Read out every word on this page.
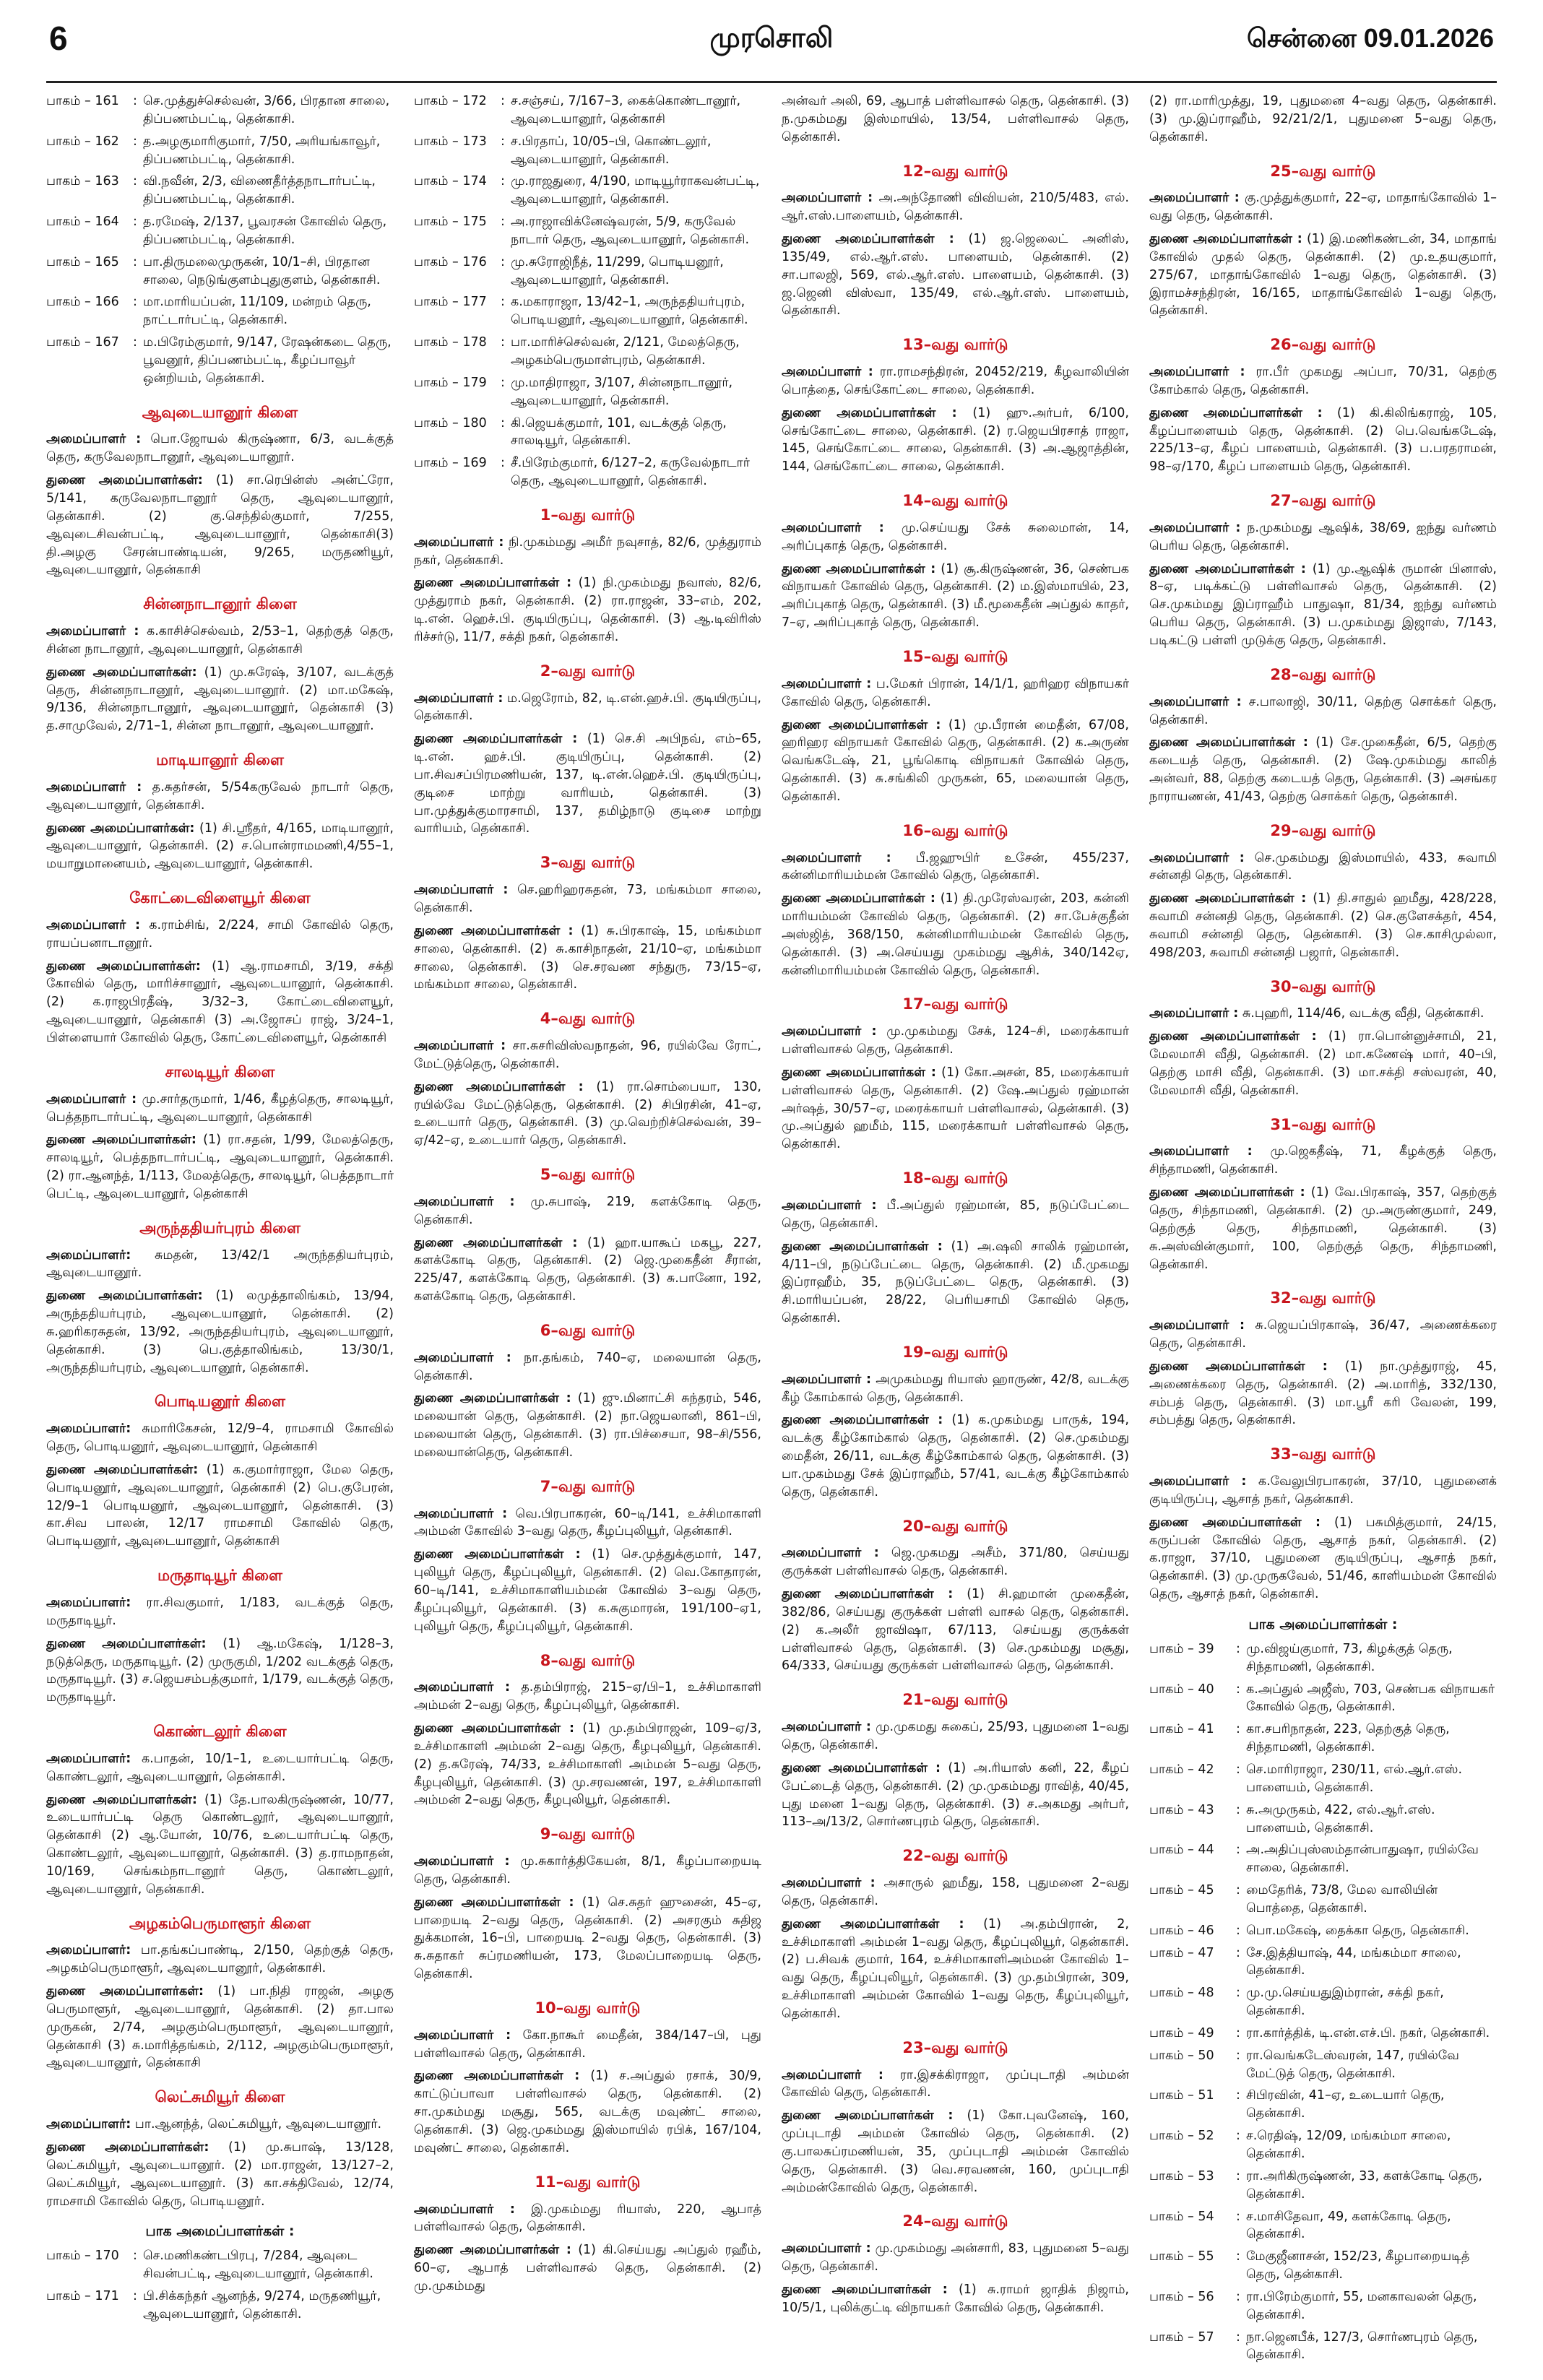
6	முரசொலி	சென்னை 09.01.2026
பாகம் – 161	: செ.முத்துச்செல்வன், 3/66, பிரதான சாலை, திப்பணம்பட்டி, தென்காசி.
பாகம் – 162	: த.அழகுமாரிகுமார், 7/50, அரியங்காவூர், திப்பணம்பட்டி, தென்காசி.
பாகம் – 163	: வி.நவீன், 2/3, விணைதீர்த்தநாடார்பட்டி, திப்பணம்பட்டி, தென்காசி.
பாகம் – 164	: த.ரமேஷ், 2/137, பூவரசன் கோவில் தெரு, திப்பணம்பட்டி, தென்காசி.
பாகம் – 165	: பா.திருமலைமுருகன், 10/1–சி, பிரதான சாலை, நெடுங்குளம்புதுகுளம், தென்காசி.
பாகம் – 166	: மா.மாரியப்பன், 11/109, மன்றம் தெரு, நாட்டார்பட்டி, தென்காசி.
பாகம் – 167	: ம.பிரேம்குமார், 9/147, ரேஷன்கடை தெரு, பூவனூர், திப்பணம்பட்டி, கீழப்பாவூர் ஒன்றியம், தென்காசி.
ஆவுடையானூர் கிளை

அமைப்பாளர் : பொ.ஜோயல் கிருஷ்ணா, 6/3, வடக்குத் தெரு, கருவேலநாடானூர், ஆவுடையானூர்.

துணை அமைப்பாளர்கள்: (1) சா.ரெபின்ஸ் அன்ட்ரோ, 5/141, கருவேலநாடானூர் தெரு, ஆவுடையானூர், தென்காசி. (2) கு.செந்தில்குமார், 7/255, ஆவுடைசிவன்பட்டி, ஆவுடையானூர், தென்காசி(3) தி.அழகு சேரன்பாண்டியன், 9/265, மருதணியூர், ஆவுடையானூர், தென்காசி

சின்னநாடானூர் கிளை

அமைப்பாளர் : க.காசிச்செல்வம், 2/53–1, தெற்குத் தெரு, சின்ன நாடானூர், ஆவுடையானூர், தென்காசி

துணை அமைப்பாளர்கள்: (1) மு.சுரேஷ், 3/107, வடக்குத் தெரு, சின்னநாடானூர், ஆவுடையானூர். (2) மா.மகேஷ், 9/136, சின்னநாடானூர், ஆவுடையானூர், தென்காசி (3) த.சாமுவேல், 2/71–1, சின்ன நாடானூர், ஆவுடையானூர்.

மாடியானூர் கிளை

அமைப்பாளர் : த.சுதர்சன், 5/54கருவேல் நாடார் தெரு, ஆவுடையானூர், தென்காசி.

துணை அமைப்பாளர்கள்: (1) சி.ஸ்ரீதர், 4/165, மாடியானூர், ஆவுடையானூர், தென்காசி. (2) ச.பொன்ராமமணி,4/55–1, மயாறுமானையம், ஆவுடையானூர், தென்காசி.

கோட்டைவிளையூர் கிளை

அமைப்பாளர் : க.ராம்சிங், 2/224, சாமி கோவில் தெரு, ராயப்பனாடானூர்.

துணை அமைப்பாளர்கள்: (1) ஆ.ராமசாமி, 3/19, சக்தி கோவில் தெரு, மாரிச்சானூர், ஆவுடையானூர், தென்காசி. (2) க.ராஜபிரதீஷ், 3/32–3, கோட்டைவிளையூர், ஆவுடையானூர், தென்காசி (3) அ.ஜோசப் ராஜ், 3/24–1, பிள்ளையார் கோவில் தெரு, கோட்டைவிளையூர், தென்காசி

சாலடியூர் கிளை

அமைப்பாளர் : மு.சார்தருமார், 1/46, கீழத்தெரு, சாலடியூர், பெத்தநாடார்பட்டி, ஆவுடையானூர், தென்காசி

துணை அமைப்பாளர்கள்: (1) ரா.சதன், 1/99, மேலத்தெரு, சாலடியூர், பெத்தநாடார்பட்டி, ஆவுடையானூர், தென்காசி. (2) ரா.ஆனந்த், 1/113, மேலத்தெரு, சாலடியூர், பெத்தநாடார் பெட்டி, ஆவுடையானூர், தென்காசி

அருந்ததியர்புரம் கிளை

அமைப்பாளர்: சுமதன், 13/42/1 அருந்ததியர்புரம், ஆவுடையானூர்.

துணை அமைப்பாளர்கள்: (1) லமுத்தாலிங்கம், 13/94, அருந்ததியர்புரம், ஆவுடையானூர், தென்காசி. (2) சு.ஹரிகரசுதன், 13/92, அருந்ததியர்புரம், ஆவுடையானூர், தென்காசி. (3) பெ.குத்தாலிங்கம், 13/30/1, அருந்ததியர்புரம், ஆவுடையானூர், தென்காசி.

பொடியனூர் கிளை

அமைப்பாளர்: சுமாரிகேசன், 12/9–4, ராமசாமி கோவில் தெரு, பொடியனூர், ஆவுடையானூர், தென்காசி

துணை அமைப்பாளர்கள்: (1) க.குமார்ராஜா, மேல தெரு, பொடியனூர், ஆவுடையானூர், தென்காசி (2) பெ.குபேரன், 12/9–1 பொடியனூர், ஆவுடையானூர், தென்காசி. (3) கா.சிவ பாலன், 12/17 ராமசாமி கோவில் தெரு, பொடியனூர், ஆவுடையானூர், தென்காசி

மருதாடியூர் கிளை

அமைப்பாளர்: ரா.சிவகுமார், 1/183, வடக்குத் தெரு, மருதாடியூர்.

துணை அமைப்பாளர்கள்: (1) ஆ.மகேஷ், 1/128–3, நடுத்தெரு, மருதாடியூர். (2) முருகுமி, 1/202 வடக்குத் தெரு, மருதாடியூர். (3) ச.ஜெயசம்பத்குமார், 1/179, வடக்குத் தெரு, மருதாடியூர்.

கொண்டலூர் கிளை

அமைப்பாளர்: க.பாதன், 10/1–1, உடையார்பட்டி தெரு, கொண்டலூர், ஆவுடையானூர், தென்காசி.

துணை அமைப்பாளர்கள்: (1) தே.பாலகிருஷ்ணன், 10/77, உடையார்பட்டி தெரு கொண்டலூர், ஆவுடையானூர், தென்காசி (2) ஆ.யோன், 10/76, உடையார்பட்டி தெரு, கொண்டலூர், ஆவுடையானூர், தென்காசி. (3) த.ராமநாதன், 10/169, செங்கம்நாடானூர் தெரு, கொண்டலூர், ஆவுடையானூர், தென்காசி.

அழகம்பெருமாளூர் கிளை

அமைப்பாளர்: பா.தங்கப்பாண்டி, 2/150, தெற்குத் தெரு, அழகம்பெருமாளூர், ஆவுடையானூர், தென்காசி.

துணை அமைப்பாளர்கள்: (1) பா.நிதி ராஜன், அழகு பெருமாளூர், ஆவுடையானூர், தென்காசி. (2) தா.பால முருகன், 2/74, அழகும்பெருமாளூர், ஆவுடையானூர், தென்காசி (3) சு.மாரித்தங்கம், 2/112, அழகும்பெருமாளூர், ஆவுடையானூர், தென்காசி

லெட்சுமியூர் கிளை

அமைப்பாளர்: பா.ஆனந்த், லெட்சுமியூர், ஆவுடையானூர்.

துணை அமைப்பாளர்கள்: (1) மு.சுபாஷ், 13/128, லெட்சுமியூர், ஆவுடையானூர். (2) மா.ராஜன், 13/127–2, லெட்சுமியூர், ஆவுடையானூர். (3) கா.சக்திவேல், 12/74, ராமசாமி கோவில் தெரு, பொடியனூர்.

பாக அமைப்பாளர்கள் :
பாகம் – 170	: செ.மணிகண்டபிரபு, 7/284, ஆவுடை சிவன்பட்டி, ஆவுடையானூர், தென்காசி.
பாகம் – 171	: பி.சிக்கந்தர் ஆனந்த், 9/274, மருதணியூர், ஆவுடையானூர், தென்காசி.
பாகம் – 172	: ச.சஞ்சய், 7/167–3, கைக்கொண்டானூர், ஆவுடையானூர், தென்காசி
பாகம் – 173	: ச.பிரதாப், 10/05–பி, கொண்டலூர், ஆவுடையானூர், தென்காசி.
பாகம் – 174	: மு.ராஜதுரை, 4/190, மாடியூர்ராகவன்பட்டி, ஆவுடையானூர், தென்காசி.
பாகம் – 175	: அ.ராஜாவிக்னேஷ்வரன், 5/9, கருவேல் நாடார் தெரு, ஆவுடையானூர், தென்காசி.
பாகம் – 176	: மு.சுரோஜிநீத், 11/299, பொடியனூர், ஆவுடையானூர், தென்காசி.
பாகம் – 177	: க.மகாராஜா, 13/42–1, அருந்ததியர்புரம், பொடியனூர், ஆவுடையானூர், தென்காசி.
பாகம் – 178	: பா.மாரிச்செல்வன், 2/121, மேலத்தெரு, அழகம்பெருமாள்புரம், தென்காசி.
பாகம் – 179	: மு.மாதிராஜா, 3/107, சின்னநாடானூர், ஆவுடையானூர், தென்காசி.
பாகம் – 180	: கி.ஜெயக்குமார், 101, வடக்குத் தெரு, சாலடியூர், தென்காசி.
பாகம் – 169	: சீ.பிரேம்குமார், 6/127–2, கருவேல்நாடார் தெரு, ஆவுடையானூர், தென்காசி.
1–வது வார்டு

அமைப்பாளர் : நி.முகம்மது அமீர் நவுசாத், 82/6, முத்துராம் நகர், தென்காசி.

துணை அமைப்பாளர்கள் : (1) நி.முகம்மது நவாஸ், 82/6, முத்துராம் நகர், தென்காசி. (2) ரா.ராஜன், 33–எம், 202, டி.என். ஹெச்.பி. குடியிருப்பு, தென்காசி. (3) ஆ.டிவிரிஸ் ரிச்சர்டு, 11/7, சக்தி நகர், தென்காசி.

2–வது வார்டு

அமைப்பாளர் : ம.ஜெரோம், 82, டி.என்.ஹச்.பி. குடியிருப்பு, தென்காசி.

துணை அமைப்பாளர்கள் : (1) செ.சி அபிநவ், எம்–65, டி.என். ஹச்.பி. குடியிருப்பு, தென்காசி. (2) பா.சிவசப்பிரமணியன், 137, டி.என்.ஹெச்.பி. குடியிருப்பு, குடிசை மாற்று வாரியம், தென்காசி. (3) பா.முத்துக்குமாரசாமி, 137, தமிழ்நாடு குடிசை மாற்று வாரியம், தென்காசி.

3–வது வார்டு

அமைப்பாளர் : செ.ஹரிஹரசுதன், 73, மங்கம்மா சாலை, தென்காசி.

துணை அமைப்பாளர்கள் : (1) சு.பிரகாஷ், 15, மங்கம்மா சாலை, தென்காசி. (2) சு.காசிநாதன், 21/10–ஏ, மங்கம்மா சாலை, தென்காசி. (3) செ.சரவண சந்துரு, 73/15–ஏ, மங்கம்மா சாலை, தென்காசி.

4–வது வார்டு

அமைப்பாளர் : சா.சுசரிவிஸ்வநாதன், 96, ரயில்வே ரோட், மேட்டுத்தெரு, தென்காசி.

துணை அமைப்பாளர்கள் : (1) ரா.சொம்பையா, 130, ரயில்வே மேட்டுத்தெரு, தென்காசி. (2) சிபிரசின், 41–ஏ, உடையார் தெரு, தென்காசி. (3) மு.வெற்றிச்செல்வன், 39–ஏ/42–ஏ, உடையார் தெரு, தென்காசி.

5–வது வார்டு

அமைப்பாளர் : மு.சுபாஷ், 219, களக்கோடி தெரு, தென்காசி.

துணை அமைப்பாளர்கள் : (1) ஹா.யாகூப் மகபூ, 227, களக்கோடி தெரு, தென்காசி. (2) ஜெ.முகைதீன் சீரான், 225/47, களக்கோடி தெரு, தென்காசி. (3) சு.பானோ, 192, களக்கோடி தெரு, தென்காசி.

6–வது வார்டு

அமைப்பாளர் : நா.தங்கம், 740–ஏ, மலையான் தெரு, தென்காசி.

துணை அமைப்பாளர்கள் : (1) ஜு.மினாட்சி சுந்தரம், 546, மலையான் தெரு, தென்காசி. (2) நா.ஜெயலானி, 861–பி, மலையான் தெரு, தென்காசி. (3) ரா.பிச்சையா, 98–சி/556, மலையான்தெரு, தென்காசி.

7–வது வார்டு

அமைப்பாளர் : வெ.பிரபாகரன், 60–டி/141, உச்சிமாகாளி அம்மன் கோவில் 3–வது தெரு, கீழப்புலியூர், தென்காசி.

துணை அமைப்பாளர்கள் : (1) செ.முத்துக்குமார், 147, புலியூர் தெரு, கீழப்புலியூர், தென்காசி. (2) வெ.கோதாரன், 60–டி/141, உச்சிமாகாளியம்மன் கோவில் 3–வது தெரு, கீழப்புலியூர், தென்காசி. (3) க.சுகுமாரன், 191/100–ஏ1, புலியூர் தெரு, கீழப்புலியூர், தென்காசி.

8–வது வார்டு

அமைப்பாளர் : த.தம்பிராஜ், 215–ஏ/பி–1, உச்சிமாகாளி அம்மன் 2–வது தெரு, கீழப்புலியூர், தென்காசி.

துணை அமைப்பாளர்கள் : (1) மு.தம்பிராஜன், 109–ஏ/3, உச்சிமாகாளி அம்மன் 2–வது தெரு, கீழபுலியூர், தென்காசி. (2) த.சுரேஷ், 74/33, உச்சிமாகாளி அம்மன் 5–வது தெரு, கீழபுலியூர், தென்காசி. (3) மு.சரவணன், 197, உச்சிமாகாளி அம்மன் 2–வது தெரு, கீழபுலியூர், தென்காசி.

9–வது வார்டு

அமைப்பாளர் : மு.சுகார்த்திகேயன், 8/1, கீழப்பாறையடி தெரு, தென்காசி.

துணை அமைப்பாளர்கள் : (1) செ.சுதர் ஹுசைன், 45–ஏ, பாறையடி 2–வது தெரு, தென்காசி. (2) அசரகும் சுதிஜ துக்கமான், 16–பி, பாறையடி 2–வது தெரு, தென்காசி. (3) சு.சுதாகர் சுப்ரமணியன், 173, மேலப்பாறையடி தெரு, தென்காசி.

10–வது வார்டு

அமைப்பாளர் : கோ.நாகூர் மைதீன், 384/147–பி, புது பள்ளிவாசல் தெரு, தென்காசி.

துணை அமைப்பாளர்கள் : (1) ச.அப்துல் ரசாக், 30/9, காட்டுப்பாவா பள்ளிவாசல் தெரு, தென்காசி. (2) சா.முகம்மது மசூது, 565, வடக்கு மவுண்ட் சாலை, தென்காசி. (3) ஜெ.முகம்மது இஸ்மாயில் ரபிக், 167/104, மவுண்ட் சாலை, தென்காசி.

11–வது வார்டு

அமைப்பாளர் : இ.முகம்மது ரியாஸ், 220, ஆபாத் பள்ளிவாசல் தெரு, தென்காசி.

துணை அமைப்பாளர்கள் : (1) கி.செய்யது அப்துல் ரஹீம், 60–ஏ, ஆபாத் பள்ளிவாசல் தெரு, தென்காசி. (2) மு.முகம்மது

அன்வர் அலி, 69, ஆபாத் பள்ளிவாசல் தெரு, தென்காசி. (3) ந.முகம்மது இஸ்மாயில், 13/54, பள்ளிவாசல் தெரு, தென்காசி.

12–வது வார்டு

அமைப்பாளர் : அ.அந்தோணி விவியன், 210/5/483, எல். ஆர்.எஸ்.பாளையம், தென்காசி.

துணை அமைப்பாளர்கள் : (1) ஜ.ஜெலைட் அனிஸ், 135/49, எல்.ஆர்.எஸ். பாளையம், தென்காசி. (2) சா.பாலஜி, 569, எல்.ஆர்.எஸ். பாளையம், தென்காசி. (3) ஜ.ஜெனி விஸ்வா, 135/49, எல்.ஆர்.எஸ். பாளையம், தென்காசி.

13–வது வார்டு

அமைப்பாளர் : ரா.ராமசந்திரன், 20452/219, கீழவாலியின் பொத்தை, செங்கோட்டை சாலை, தென்காசி.

துணை அமைப்பாளர்கள் : (1) ஹு.அர்பர், 6/100, செங்கோட்டை சாலை, தென்காசி. (2) ர.ஜெயபிரசாத் ராஜா, 145, செங்கோட்டை சாலை, தென்காசி. (3) அ.ஆஜாத்தின், 144, செங்கோட்டை சாலை, தென்காசி.

14–வது வார்டு

அமைப்பாளர் : மு.செய்யது சேக் சுலைமான், 14, அரிப்புகாத் தெரு, தென்காசி.

துணை அமைப்பாளர்கள் : (1) சூ.கிருஷ்ணன், 36, செண்பக விநாயகர் கோவில் தெரு, தென்காசி. (2) ம.இஸ்மாயில், 23, அரிப்புகாத் தெரு, தென்காசி. (3) மீ.மூகைதீன் அப்துல் காதர், 7–ஏ, அரிப்புகாத் தெரு, தென்காசி.

15–வது வார்டு

அமைப்பாளர் : ப.மேகர் பிரான், 14/1/1, ஹரிஹர விநாயகர் கோவில் தெரு, தென்காசி.

துணை அமைப்பாளர்கள் : (1) மு.பீரான் மைதீன், 67/08, ஹரிஹர விநாயகர் கோவில் தெரு, தென்காசி. (2) க.அருண் வெங்கடேஷ், 21, பூங்கொடி விநாயகர் கோவில் தெரு, தென்காசி. (3) சு.சங்கிலி முருகன், 65, மலையான் தெரு, தென்காசி.

16–வது வார்டு

அமைப்பாளர் : பீ.ஜஹுபிர் உசேன், 455/237, கன்னிமாரியம்மன் கோவில் தெரு, தென்காசி.

துணை அமைப்பாளர்கள் : (1) தி.முரேஸ்வரன், 203, கன்னி மாரியம்மன் கோவில் தெரு, தென்காசி. (2) சா.பேச்குதீன் அஸ்ஜித், 368/150, கன்னிமாரியம்மன் கோவில் தெரு, தென்காசி. (3) அ.செய்யது முகம்மது ஆசிக், 340/142ஏ, கன்னிமாரியம்மன் கோவில் தெரு, தென்காசி.

17–வது வார்டு

அமைப்பாளர் : மு.முகம்மது சேக், 124–சி, மரைக்காயர் பள்ளிவாசல் தெரு, தென்காசி.

துணை அமைப்பாளர்கள் : (1) கோ.அசன், 85, மரைக்காயர் பள்ளிவாசல் தெரு, தென்காசி. (2) ஷே.அப்துல் ரஹ்மான் அர்ஷத், 30/57–ஏ, மரைக்காயர் பள்ளிவாசல், தென்காசி. (3) மு.அப்துல் ஹமீம், 115, மரைக்காயர் பள்ளிவாசல் தெரு, தென்காசி.

18–வது வார்டு

அமைப்பாளர் : பீ.அப்துல் ரஹ்மான், 85, நடுப்பேட்டை தெரு, தென்காசி.

துணை அமைப்பாளர்கள் : (1) அ.ஷலி சாலிக் ரஹ்மான், 4/11–பி, நடுப்பேட்டை தெரு, தென்காசி. (2) மீ.முகமது இப்ராஹீம், 35, நடுப்பேட்டை தெரு, தென்காசி. (3) சி.மாரியப்பன், 28/22, பெரியசாமி கோவில் தெரு, தென்காசி.

19–வது வார்டு

அமைப்பாளர் : அமுகம்மது ரியாஸ் ஹாருண், 42/8, வடக்கு கீழ் கோம்கால் தெரு, தென்காசி.

துணை அமைப்பாளர்கள் : (1) க.முகம்மது பாருக், 194, வடக்கு கீழ்கோம்கால் தெரு, தென்காசி. (2) செ.முகம்மது மைதீன், 26/11, வடக்கு கீழ்கோம்கால் தெரு, தென்காசி. (3) பா.முகம்மது சேக் இப்ராஹீம், 57/41, வடக்கு கீழ்கோம்கால் தெரு, தென்காசி.

20–வது வார்டு

அமைப்பாளர் : ஜெ.முகமது அசீம், 371/80, செய்யது குருக்கள் பள்ளிவாசல் தெரு, தென்காசி.

துணை அமைப்பாளர்கள் : (1) சி.ஹமான் முகைதீன், 382/86, செய்யது குருக்கள் பள்ளி வாசல் தெரு, தென்காசி. (2) க.அலீர் ஜாவிஷா, 67/113, செய்யது குருக்கள் பள்ளிவாசல் தெரு, தென்காசி. (3) செ.முகம்மது மசூது, 64/333, செய்யது குருக்கள் பள்ளிவாசல் தெரு, தென்காசி.

21–வது வார்டு

அமைப்பாளர் : மு.முகமது சுகைப், 25/93, புதுமனை 1–வது தெரு, தென்காசி.

துணை அமைப்பாளர்கள் : (1) அ.ரியாஸ் கனி, 22, கீழப் பேட்டைத் தெரு, தென்காசி. (2) மு.முகம்மது ராவித், 40/45, புது மனை 1–வது தெரு, தென்காசி. (3) ச.அகமது அர்பர், 113–அ/13/2, சொர்ணபுரம் தெரு, தென்காசி.

22–வது வார்டு

அமைப்பாளர் : அசாருல் ஹமீது, 158, புதுமனை 2–வது தெரு, தென்காசி.

துணை அமைப்பாளர்கள் : (1) அ.தம்பிரான், 2, உச்சிமாகாளி அம்மன் 1–வது தெரு, கீழப்புலியூர், தென்காசி. (2) ப.சிவக் குமார், 164, உச்சிமாகாளிஅம்மன் கோவில் 1–வது தெரு, கீழப்புலியூர், தென்காசி. (3) மு.தம்பிரான், 309, உச்சிமாகாளி அம்மன் கோவில் 1–வது தெரு, கீழப்புலியூர், தென்காசி.

23–வது வார்டு

அமைப்பாளர் : ரா.இசக்கிராஜா, முப்புடாதி அம்மன் கோவில் தெரு, தென்காசி.

துணை அமைப்பாளர்கள் : (1) கோ.புவனேஷ், 160, முப்புடாதி அம்மன் கோவில் தெரு, தென்காசி. (2) கு.பாலசுப்ரமணியன், 35, முப்புடாதி அம்மன் கோவில் தெரு, தென்காசி. (3) வெ.சரவணன், 160, முப்புடாதி அம்மன்கோவில் தெரு, தென்காசி.

24–வது வார்டு

அமைப்பாளர் : மு.முகம்மது அன்சாரி, 83, புதுமனை 5–வது தெரு, தென்காசி.

துணை அமைப்பாளர்கள் : (1) சு.ராமர் ஜாதிக் நிஜாம், 10/5/1, புலிக்குட்டி விநாயகர் கோவில் தெரு, தென்காசி.

(2) ரா.மாரிமுத்து, 19, புதுமனை 4–வது தெரு, தென்காசி. (3) மு.இப்ராஹீம், 92/21/2/1, புதுமனை 5–வது தெரு, தென்காசி.

25–வது வார்டு

அமைப்பாளர் : கு.முத்துக்குமார், 22–ஏ, மாதாங்கோவில் 1–வது தெரு, தென்காசி.

துணை அமைப்பாளர்கள் : (1) இ.மணிகண்டன், 34, மாதாங் கோவில் முதல் தெரு, தென்காசி. (2) மு.உதயகுமார், 275/67, மாதாங்கோவில் 1–வது தெரு, தென்காசி. (3) இராமச்சந்திரன், 16/165, மாதாங்கோவில் 1–வது தெரு, தென்காசி.

26–வது வார்டு

அமைப்பாளர் : ரா.பீர் முகமது அப்பா, 70/31, தெற்கு கோம்கால் தெரு, தென்காசி.

துணை அமைப்பாளர்கள் : (1) கி.கிலிங்கராஜ், 105, கீழப்பாளையம் தெரு, தென்காசி. (2) பெ.வெங்கடேஷ், 225/13–ஏ, கீழப் பாளையம், தென்காசி. (3) ப.பரதராமன், 98–ஏ/170, கீழப் பாளையம் தெரு, தென்காசி.

27–வது வார்டு

அமைப்பாளர் : ந.முகம்மது ஆஷிக், 38/69, ஐந்து வர்ணம் பெரிய தெரு, தென்காசி.

துணை அமைப்பாளர்கள் : (1) மு.ஆஷிக் ருமான் பினாஸ், 8–ஏ, படிக்கட்டு பள்ளிவாசல் தெரு, தென்காசி. (2) செ.முகம்மது இப்ராஹீம் பாதுஷா, 81/34, ஐந்து வர்ணம் பெரிய தெரு, தென்காசி. (3) ப.முகம்மது இஜாஸ், 7/143, படிகட்டு பள்ளி முடுக்கு தெரு, தென்காசி.

28–வது வார்டு

அமைப்பாளர் : ச.பாலாஜி, 30/11, தெற்கு சொக்கர் தெரு, தென்காசி.

துணை அமைப்பாளர்கள் : (1) சே.முகைதீன், 6/5, தெற்கு கடையத் தெரு, தென்காசி. (2) ஷே.முகம்மது காலித் அன்வர், 88, தெற்கு கடையத் தெரு, தென்காசி. (3) அசங்கர நாராயணன், 41/43, தெற்கு சொக்கர் தெரு, தென்காசி.

29–வது வார்டு

அமைப்பாளர் : செ.முகம்மது இஸ்மாயில், 433, சுவாமி சன்னதி தெரு, தென்காசி.

துணை அமைப்பாளர்கள் : (1) தி.சாதுல் ஹமீது, 428/228, சுவாமி சன்னதி தெரு, தென்காசி. (2) செ.குளேசக்தர், 454, சுவாமி சன்னதி தெரு, தென்காசி. (3) செ.காசிமுல்லா, 498/203, சுவாமி சன்னதி பஜார், தென்காசி.

30–வது வார்டு

அமைப்பாளர் : சு.புஹரி, 114/46, வடக்கு வீதி, தென்காசி.

துணை அமைப்பாளர்கள் : (1) ரா.பொன்னுச்சாமி, 21, மேலமாசி வீதி, தென்காசி. (2) மா.கணேஷ் மார், 40–பி, தெற்கு மாசி வீதி, தென்காசி. (3) மா.சக்தி சஸ்வரன், 40, மேலமாசி வீதி, தென்காசி.

31–வது வார்டு

அமைப்பாளர் : மு.ஜெகதீஷ், 71, கீழக்குத் தெரு, சிந்தாமணி, தென்காசி.

துணை அமைப்பாளர்கள் : (1) வே.பிரகாஷ், 357, தெற்குத் தெரு, சிந்தாமணி, தென்காசி. (2) மு.அருண்குமார், 249, தெற்குத் தெரு, சிந்தாமணி, தென்காசி. (3) சு.அஸ்வின்குமார், 100, தெற்குத் தெரு, சிந்தாமணி, தென்காசி.

32–வது வார்டு

அமைப்பாளர் : சு.ஜெயப்பிரகாஷ், 36/47, அணைக்கரை தெரு, தென்காசி.

துணை அமைப்பாளர்கள் : (1) நா.முத்துராஜ், 45, அணைக்கரை தெரு, தென்காசி. (2) அ.மாரித், 332/130, சம்பத் தெரு, தென்காசி. (3) மா.பூரீ கரி வேலன், 199, சம்பத்து தெரு, தென்காசி.

33–வது வார்டு

அமைப்பாளர் : க.வேலுபிரபாகரன், 37/10, புதுமனைக் குடியிருப்பு, ஆசாத் நகர், தென்காசி.

துணை அமைப்பாளர்கள் : (1) பசுமித்குமார், 24/15, கருப்பன் கோவில் தெரு, ஆசாத் நகர், தென்காசி. (2) க.ராஜா, 37/10, புதுமனை குடியிருப்பு, ஆசாத் நகர், தென்காசி. (3) மு.முருகவேல், 51/46, காளியம்மன் கோவில் தெரு, ஆசாத் நகர், தென்காசி.

பாக அமைப்பாளர்கள் :
பாகம் – 39	: மு.விஜய்குமார், 73, கிழக்குத் தெரு, சிந்தாமணி, தென்காசி.
பாகம் – 40	: க.அப்துல் அஜீஸ், 703, செண்பக விநாயகர் கோவில் தெரு, தென்காசி.
பாகம் – 41	: கா.சபரிநாதன், 223, தெற்குத் தெரு, சிந்தாமணி, தென்காசி.
பாகம் – 42	: செ.மாரிராஜா, 230/11, எல்.ஆர்.எஸ். பாளையம், தென்காசி.
பாகம் – 43	: சு.அமுருகம், 422, எல்.ஆர்.எஸ். பாளையம், தென்காசி.
பாகம் – 44	: அ.அதிப்புஸ்ஸம்தான்பாதுஷா, ரயில்வே சாலை, தென்காசி.
பாகம் – 45	: மைதேரிக், 73/8, மேல வாலியின் பொத்தை, தென்காசி.
பாகம் – 46	: பொ.மகேஷ், தைக்கா தெரு, தென்காசி.
பாகம் – 47	: சே.இத்தியாஷ், 44, மங்கம்மா சாலை, தென்காசி.
பாகம் – 48	: மு.மு.செய்யதுஇம்ரான், சக்தி நகர், தென்காசி.
பாகம் – 49	: ரா.கார்த்திக், டி.என்.எச்.பி. நகர், தென்காசி.
பாகம் – 50	: ரா.வெங்கடேஸ்வரன், 147, ரயில்வே மேட்டுத் தெரு, தென்காசி.
பாகம் – 51	: சிபிரவின், 41–ஏ, உடையார் தெரு, தென்காசி.
பாகம் – 52	: ச.ரெதிஷ், 12/09, மங்கம்மா சாலை, தென்காசி.
பாகம் – 53	: ரா.அரிகிருஷ்ணன், 33, களக்கோடி தெரு, தென்காசி.
பாகம் – 54	: ச.மாசிதேவா, 49, களக்கோடி தெரு, தென்காசி.
பாகம் – 55	: மேகுஜீனாசன், 152/23, கீழபாறையடித் தெரு, தென்காசி.
பாகம் – 56	: ரா.பிரேம்குமார், 55, மனகாவலன் தெரு, தென்காசி.
பாகம் – 57	: நா.ஜெனபீக், 127/3, சொர்ணபுரம் தெரு, தென்காசி.
